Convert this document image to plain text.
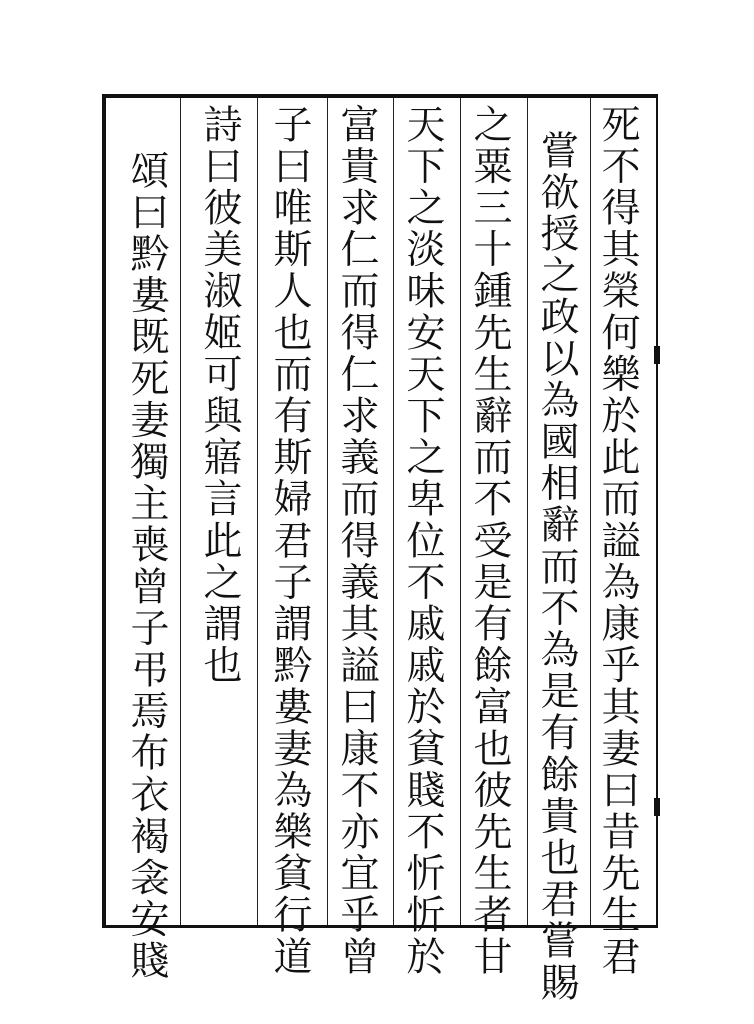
死不得其榮何樂於此而謚為康乎其妻曰昔先生君
嘗欲授之政以為國相辭而不為是有餘貴也君嘗賜
之粟三十鍾先生辭而不受是有餘富也彼先生者甘
天下之淡味安天下之卑位不戚戚於貧賤不忻忻於
富貴求仁而得仁求義而得義其謚曰康不亦宜乎曾
子曰唯斯人也而有斯婦君子謂黔婁妻為樂貧行道
詩曰彼美淑姬可與寤言此之謂也
頌曰黔婁既死妻獨主喪曾子弔焉布衣褐衾安賤
